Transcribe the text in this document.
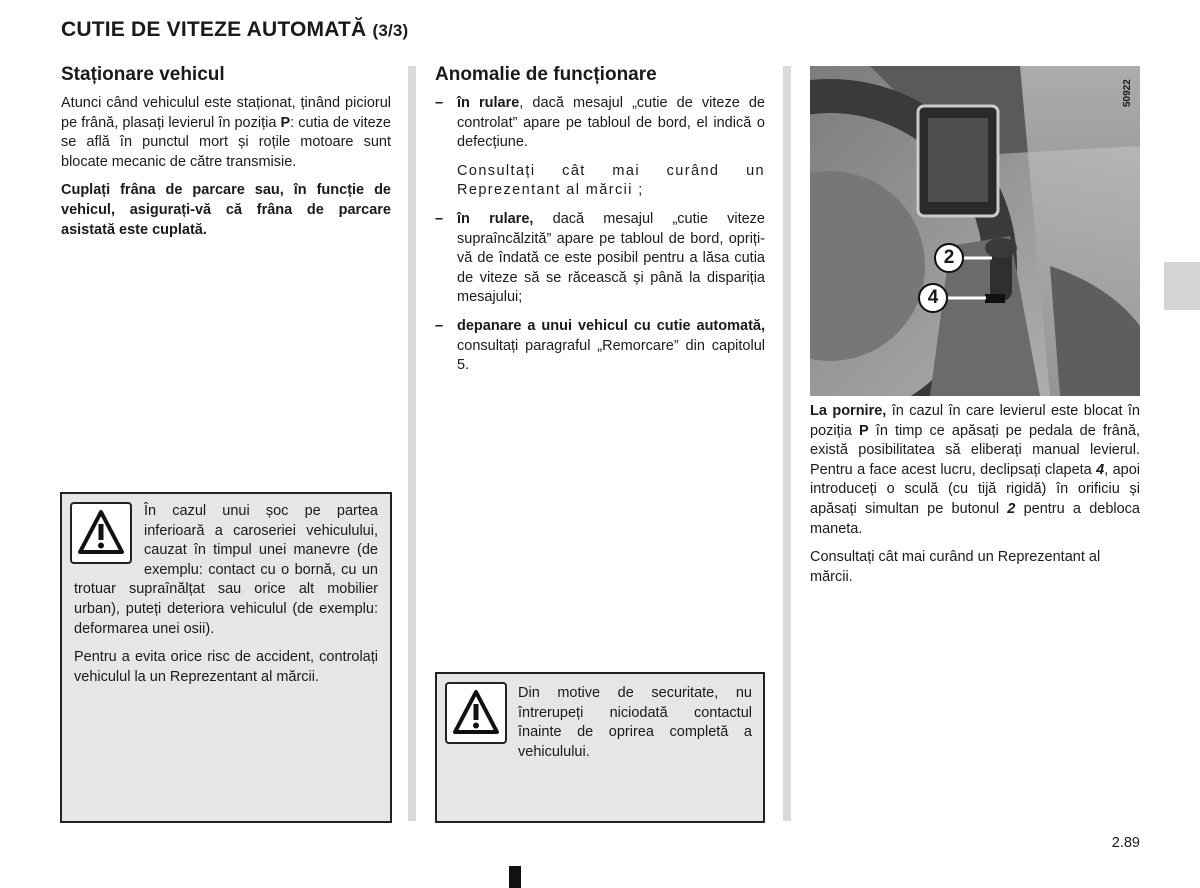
CUTIE DE VITEZE AUTOMATĂ (3/3)
Staționare vehicul

Atunci când vehiculul este staționat, ținând piciorul pe frână, plasați levierul în poziția P: cutia de viteze se află în punctul mort și roțile motoare sunt blocate mecanic de către transmisie.

Cuplați frâna de parcare sau, în funcție de vehicul, asigurați-vă că frâna de parcare asistată este cuplată.

În cazul unui șoc pe partea inferioară a caroseriei vehiculului, cauzat în timpul unei manevre (de exemplu: contact cu o bornă, cu un trotuar supraînălțat sau orice alt mobilier urban), puteți deteriora vehiculul (de exemplu: deformarea unei osii).

Pentru a evita orice risc de accident, controlați vehiculul la un Reprezentant al mărcii.

Anomalie de funcționare
– în rulare, dacă mesajul „cutie de viteze de controlat” apare pe tabloul de bord, el indică o defecțiune.

Consultați cât mai curând un Reprezentant al mărcii ;

– în rulare, dacă mesajul „cutie viteze supraîncălzită” apare pe tabloul de bord, opriți-vă de îndată ce este posibil pentru a lăsa cutia de viteze să se răcească și până la dispariția mesajului;
– depanare a unui vehicul cu cutie automată, consultați paragraful „Remorcare” din capitolul 5.

Din motive de securitate, nu întrerupeți niciodată contactul înainte de oprirea completă a vehiculului.

2
4
50922

La pornire, în cazul în care levierul este blocat în poziția P în timp ce apăsați pe pedala de frână, există posibilitatea să eliberați manual levierul. Pentru a face acest lucru, declipsați clapeta 4, apoi introduceți o sculă (cu tijă rigidă) în orificiu și apăsați simultan pe butonul 2 pentru a debloca maneta.

Consultați cât mai curând un Reprezentant al mărcii.

2.89
